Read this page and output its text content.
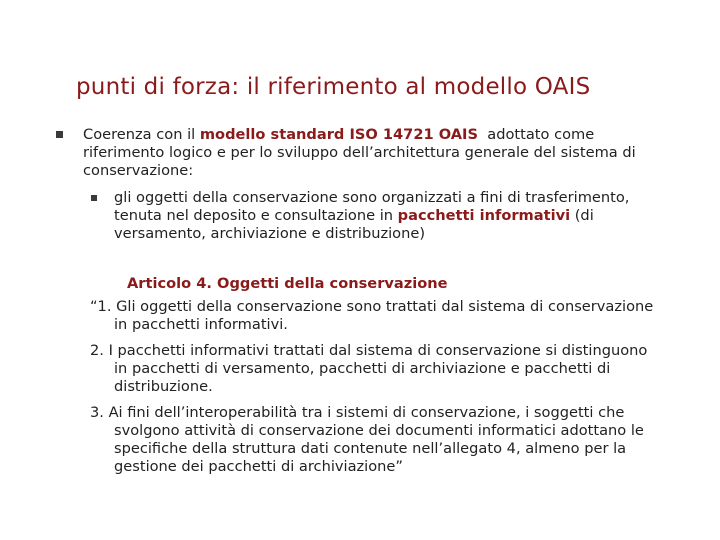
punti di forza: il riferimento al modello OAIS
Coerenza con il modello standard ISO 14721 OAIS  adottato come
riferimento logico e per lo sviluppo dell’architettura generale del sistema di
conservazione:
gli oggetti della conservazione sono organizzati a fini di trasferimento,
tenuta nel deposito e consultazione in pacchetti informativi (di
versamento, archiviazione e distribuzione)
Articolo 4. Oggetti della conservazione
“1. Gli oggetti della conservazione sono trattati dal sistema di conservazione
in pacchetti informativi.
2. I pacchetti informativi trattati dal sistema di conservazione si distinguono
in pacchetti di versamento, pacchetti di archiviazione e pacchetti di
distribuzione.
3. Ai fini dell’interoperabilità tra i sistemi di conservazione, i soggetti che
svolgono attività di conservazione dei documenti informatici adottano le
specifiche della struttura dati contenute nell’allegato 4, almeno per la
gestione dei pacchetti di archiviazione”
